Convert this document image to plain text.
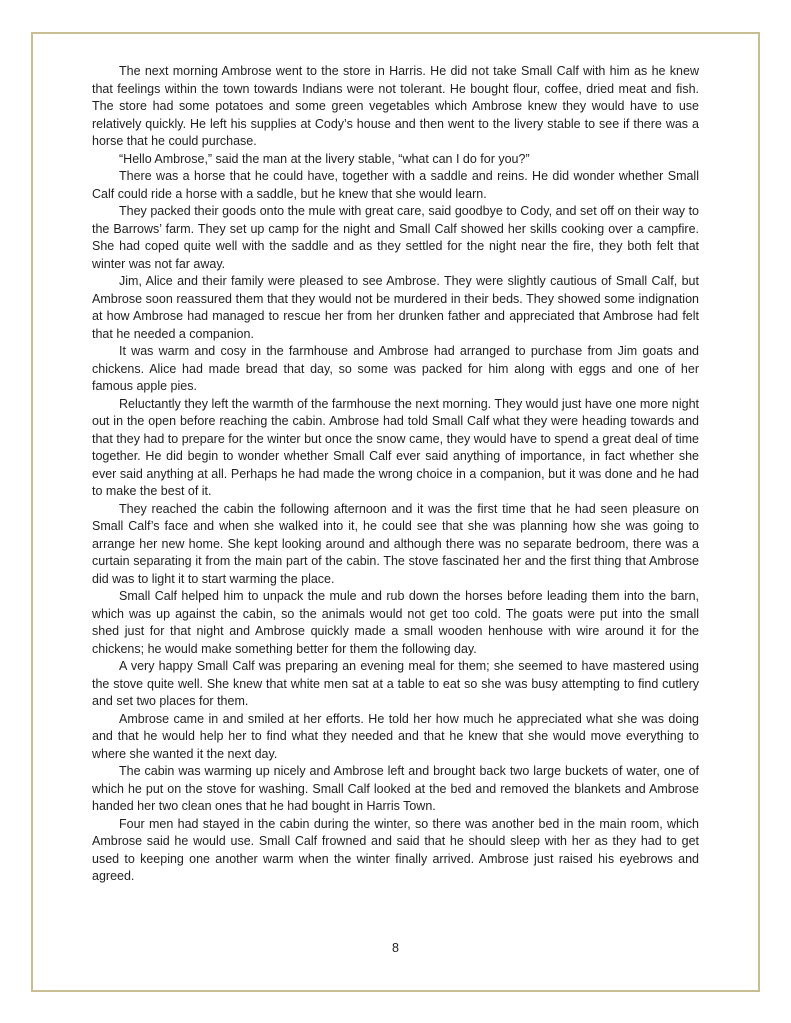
The next morning Ambrose went to the store in Harris. He did not take Small Calf with him as he knew that feelings within the town towards Indians were not tolerant. He bought flour, coffee, dried meat and fish. The store had some potatoes and some green vegetables which Ambrose knew they would have to use relatively quickly. He left his supplies at Cody’s house and then went to the livery stable to see if there was a horse that he could purchase.

“Hello Ambrose,” said the man at the livery stable, “what can I do for you?”

There was a horse that he could have, together with a saddle and reins. He did wonder whether Small Calf could ride a horse with a saddle, but he knew that she would learn.

They packed their goods onto the mule with great care, said goodbye to Cody, and set off on their way to the Barrows’ farm. They set up camp for the night and Small Calf showed her skills cooking over a campfire. She had coped quite well with the saddle and as they settled for the night near the fire, they both felt that winter was not far away.

Jim, Alice and their family were pleased to see Ambrose. They were slightly cautious of Small Calf, but Ambrose soon reassured them that they would not be murdered in their beds. They showed some indignation at how Ambrose had managed to rescue her from her drunken father and appreciated that Ambrose had felt that he needed a companion.

It was warm and cosy in the farmhouse and Ambrose had arranged to purchase from Jim goats and chickens. Alice had made bread that day, so some was packed for him along with eggs and one of her famous apple pies.

Reluctantly they left the warmth of the farmhouse the next morning. They would just have one more night out in the open before reaching the cabin. Ambrose had told Small Calf what they were heading towards and that they had to prepare for the winter but once the snow came, they would have to spend a great deal of time together. He did begin to wonder whether Small Calf ever said anything of importance, in fact whether she ever said anything at all. Perhaps he had made the wrong choice in a companion, but it was done and he had to make the best of it.

They reached the cabin the following afternoon and it was the first time that he had seen pleasure on Small Calf’s face and when she walked into it, he could see that she was planning how she was going to arrange her new home. She kept looking around and although there was no separate bedroom, there was a curtain separating it from the main part of the cabin. The stove fascinated her and the first thing that Ambrose did was to light it to start warming the place.

Small Calf helped him to unpack the mule and rub down the horses before leading them into the barn, which was up against the cabin, so the animals would not get too cold. The goats were put into the small shed just for that night and Ambrose quickly made a small wooden henhouse with wire around it for the chickens; he would make something better for them the following day.

A very happy Small Calf was preparing an evening meal for them; she seemed to have mastered using the stove quite well. She knew that white men sat at a table to eat so she was busy attempting to find cutlery and set two places for them.

Ambrose came in and smiled at her efforts. He told her how much he appreciated what she was doing and that he would help her to find what they needed and that he knew that she would move everything to where she wanted it the next day.

The cabin was warming up nicely and Ambrose left and brought back two large buckets of water, one of which he put on the stove for washing. Small Calf looked at the bed and removed the blankets and Ambrose handed her two clean ones that he had bought in Harris Town.

Four men had stayed in the cabin during the winter, so there was another bed in the main room, which Ambrose said he would use. Small Calf frowned and said that he should sleep with her as they had to get used to keeping one another warm when the winter finally arrived. Ambrose just raised his eyebrows and agreed.

8
